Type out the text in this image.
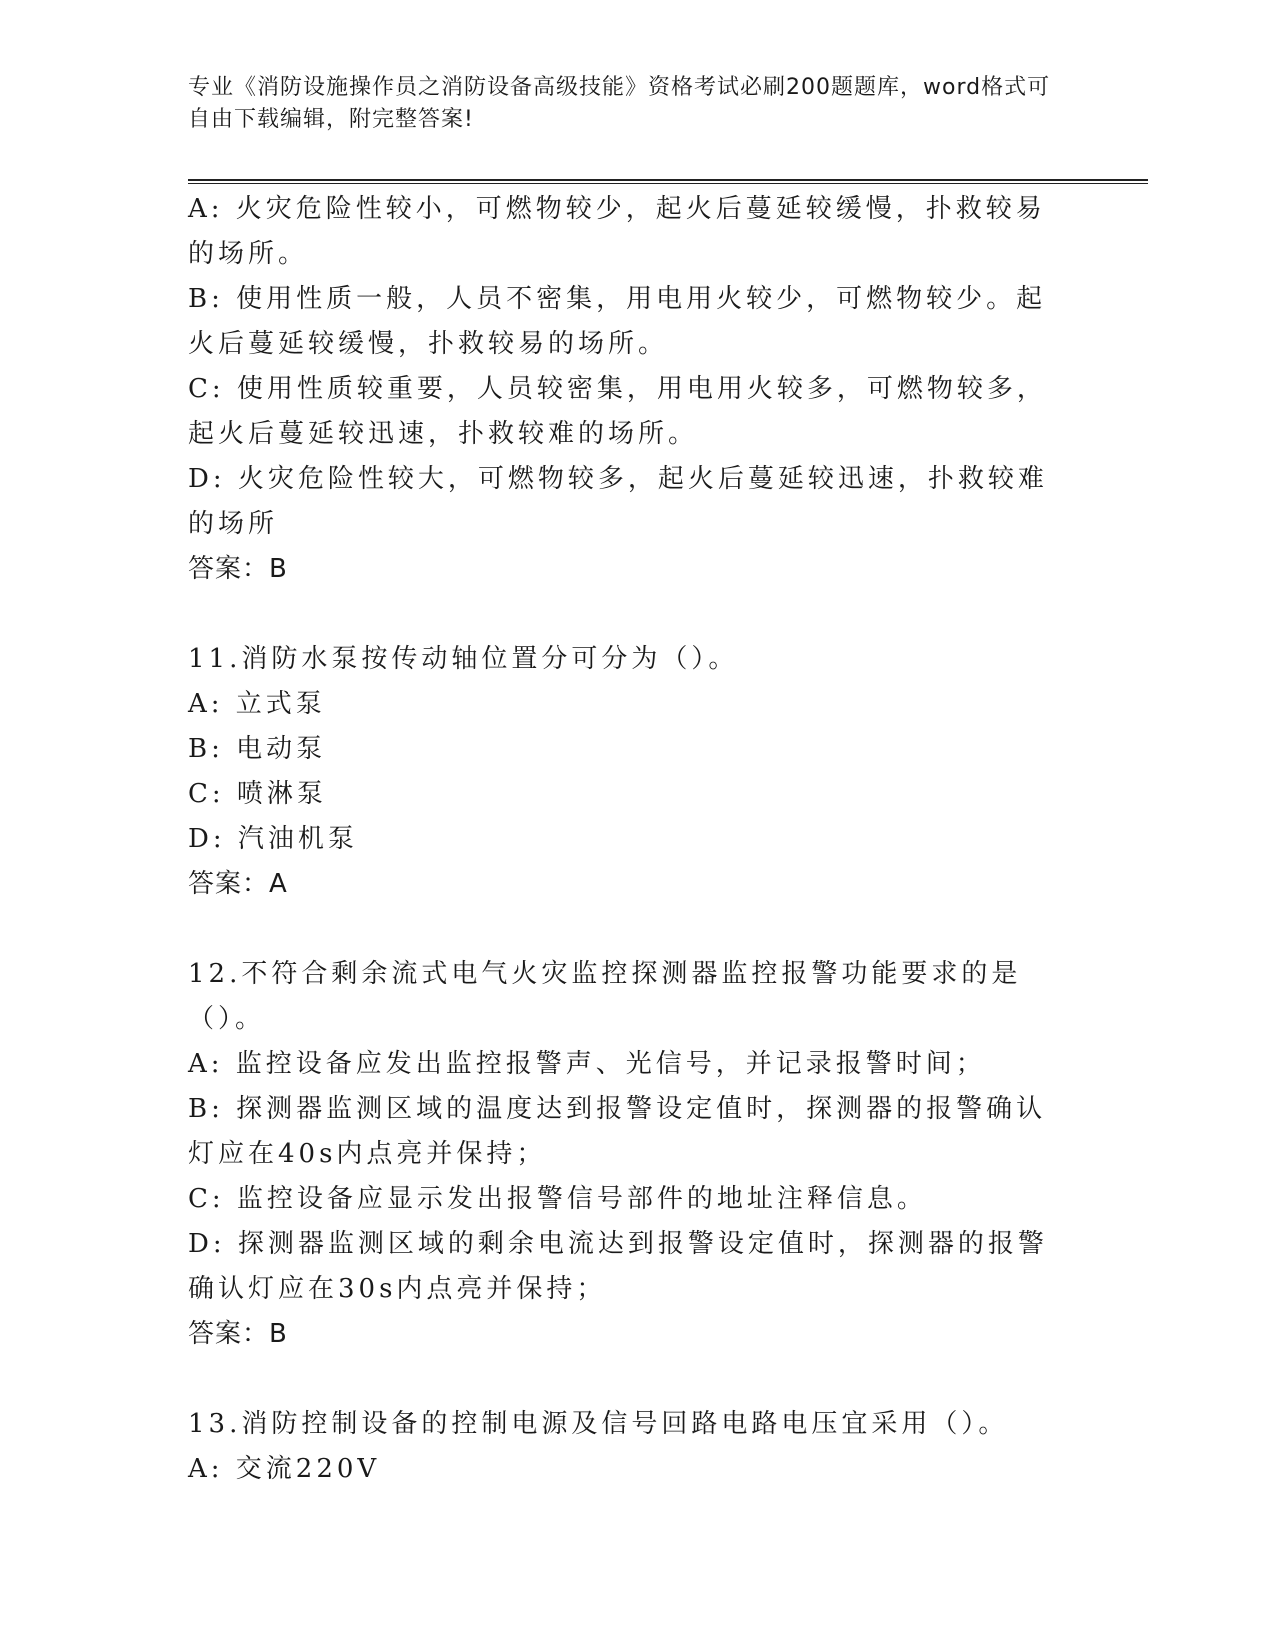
专业《消防设施操作员之消防设备高级技能》资格考试必刷200题题库，word格式可自由下载编辑，附完整答案!
A: 火灾危险性较小，可燃物较少，起火后蔓延较缓慢，扑救较易的场所。
B: 使用性质一般，人员不密集，用电用火较少，可燃物较少。起火后蔓延较缓慢，扑救较易的场所。
C: 使用性质较重要，人员较密集，用电用火较多，可燃物较多，起火后蔓延较迅速，扑救较难的场所。
D: 火灾危险性较大，可燃物较多，起火后蔓延较迅速，扑救较难的场所
答案：B
11.消防水泵按传动轴位置分可分为（）。
A: 立式泵
B: 电动泵
C: 喷淋泵
D: 汽油机泵
答案：A
12.不符合剩余流式电气火灾监控探测器监控报警功能要求的是（）。
A: 监控设备应发出监控报警声、光信号，并记录报警时间；
B: 探测器监测区域的温度达到报警设定值时，探测器的报警确认灯应在40s内点亮并保持；
C: 监控设备应显示发出报警信号部件的地址注释信息。
D: 探测器监测区域的剩余电流达到报警设定值时，探测器的报警确认灯应在30s内点亮并保持；
答案：B
13.消防控制设备的控制电源及信号回路电路电压宜采用（）。
A: 交流220V
